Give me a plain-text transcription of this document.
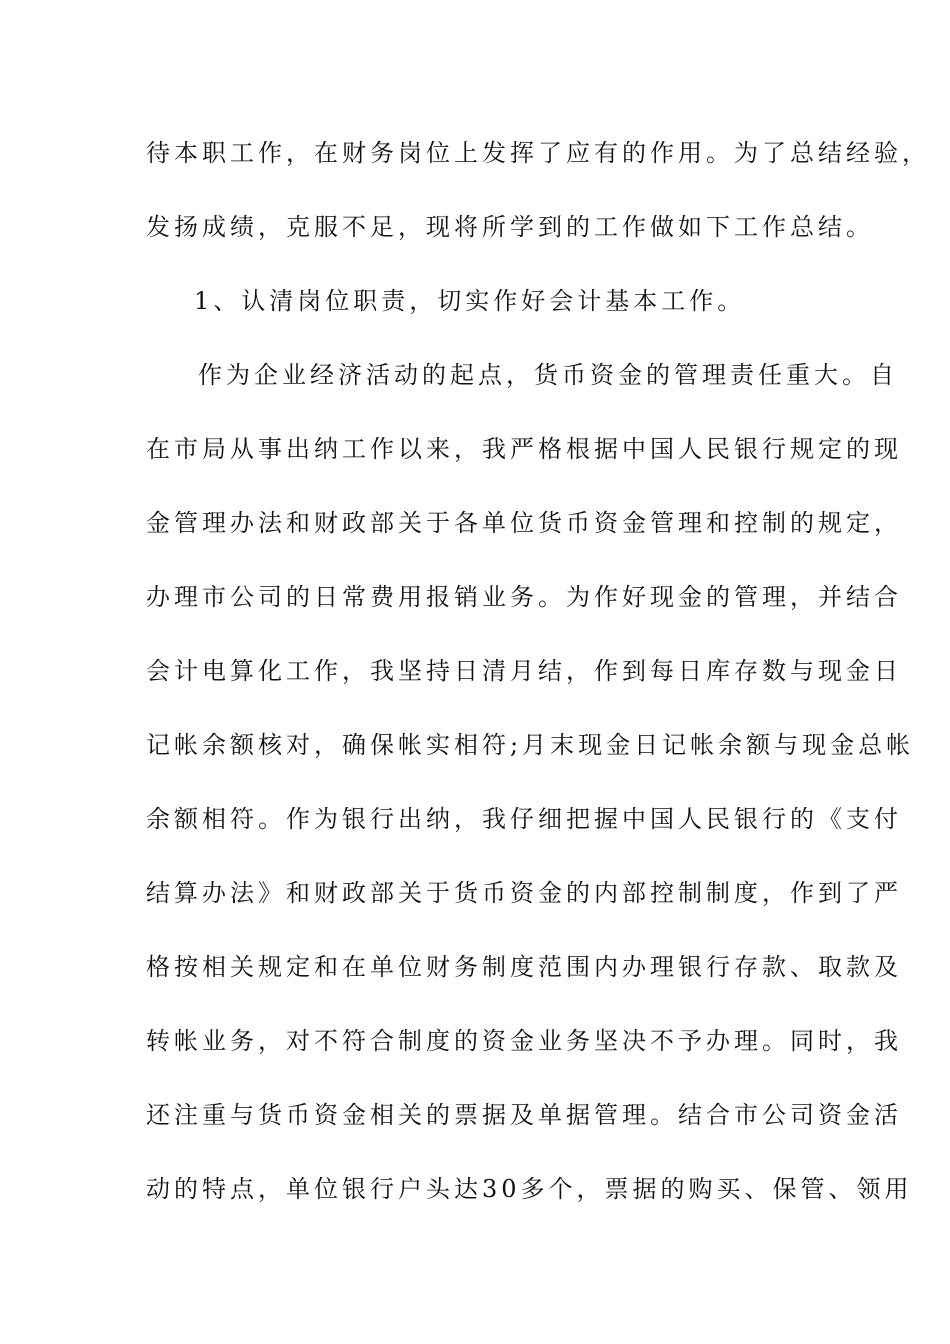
待本职工作，在财务岗位上发挥了应有的作用。为了总结经验，
发扬成绩，克服不足，现将所学到的工作做如下工作总结。
1、认清岗位职责，切实作好会计基本工作。
作为企业经济活动的起点，货币资金的管理责任重大。自
在市局从事出纳工作以来，我严格根据中国人民银行规定的现
金管理办法和财政部关于各单位货币资金管理和控制的规定，
办理市公司的日常费用报销业务。为作好现金的管理，并结合
会计电算化工作，我坚持日清月结，作到每日库存数与现金日
记帐余额核对，确保帐实相符;月末现金日记帐余额与现金总帐
余额相符。作为银行出纳，我仔细把握中国人民银行的《支付
结算办法》和财政部关于货币资金的内部控制制度，作到了严
格按相关规定和在单位财务制度范围内办理银行存款、取款及
转帐业务，对不符合制度的资金业务坚决不予办理。同时，我
还注重与货币资金相关的票据及单据管理。结合市公司资金活
动的特点，单位银行户头达30多个，票据的购买、保管、领用
